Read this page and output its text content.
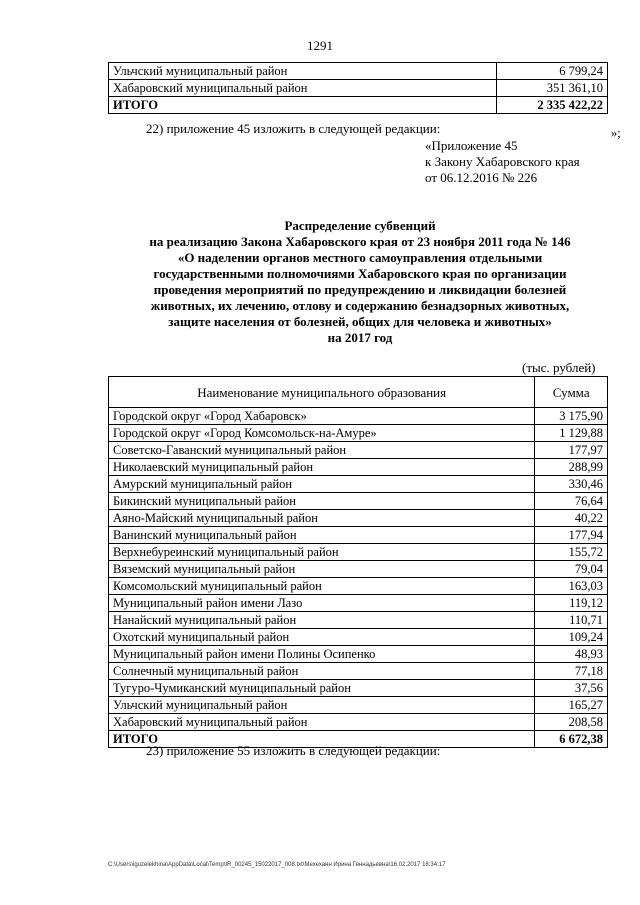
1291
Ульчский муниципальный район	6 799,24
Хабаровский муниципальный район	351 361,10
ИТОГО	2 335 422,22
»;
22) приложение 45 изложить в следующей редакции:
«Приложение 45
к Закону Хабаровского края
от 06.12.2016 № 226
Распределение субвенций
на реализацию Закона Хабаровского края от 23 ноября 2011 года № 146
«О наделении органов местного самоуправления отдельными
государственными полномочиями Хабаровского края по организации
проведения мероприятий по предупреждению и ликвидации болезней
животных, их лечению, отлову и содержанию безнадзорных животных,
защите населения от болезней, общих для человека и животных»
на 2017 год
(тыс. рублей)
Наименование муниципального образования	Сумма
Городской округ «Город Хабаровск»	3 175,90
Городской округ «Город Комсомольск-на-Амуре»	1 129,88
Советско-Гаванский муниципальный район	177,97
Николаевский муниципальный район	288,99
Амурский муниципальный район	330,46
Бикинский муниципальный район	76,64
Аяно-Майский муниципальный район	40,22
Ванинский муниципальный район	177,94
Верхнебуреинский муниципальный район	155,72
Вяземский муниципальный район	79,04
Комсомольский муниципальный район	163,03
Муниципальный район имени Лазо	119,12
Нанайский муниципальный район	110,71
Охотский муниципальный район	109,24
Муниципальный район имени Полины Осипенко	48,93
Солнечный муниципальный район	77,18
Тугуро-Чумиканский муниципальный район	37,56
Ульчский муниципальный район	165,27
Хабаровский муниципальный район	208,58
ИТОГО	6 672,38
23) приложение 55 изложить в следующей редакции:
C:\Users\iguzelekhina\AppData\Local\Temp\IR_00245_15022017_008.txt\Мехеханн Ирина Геннадьевна\16.02.2017 16:34:17
